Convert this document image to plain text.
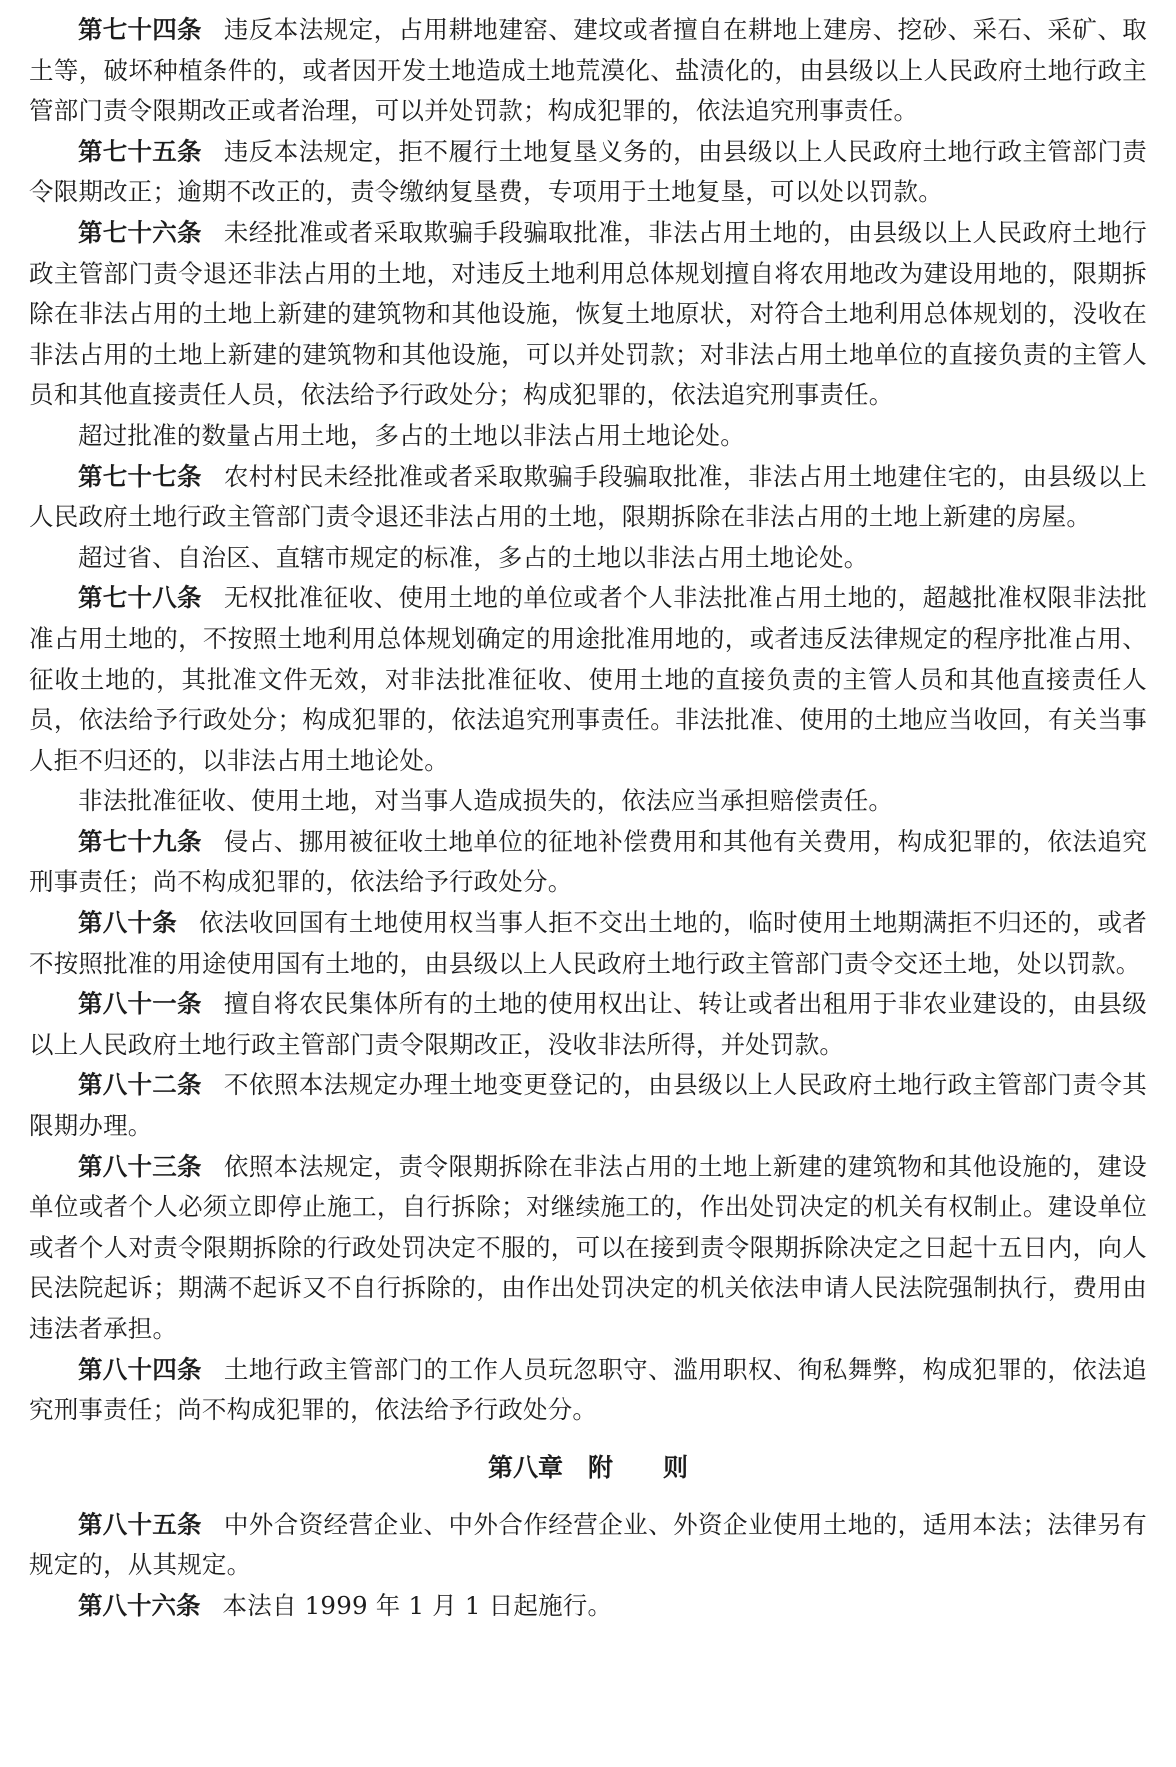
第七十四条 违反本法规定，占用耕地建窑、建坟或者擅自在耕地上建房、挖砂、采石、采矿、取土等，破坏种植条件的，或者因开发土地造成土地荒漠化、盐渍化的，由县级以上人民政府土地行政主管部门责令限期改正或者治理，可以并处罚款；构成犯罪的，依法追究刑事责任。

第七十五条 违反本法规定，拒不履行土地复垦义务的，由县级以上人民政府土地行政主管部门责令限期改正；逾期不改正的，责令缴纳复垦费，专项用于土地复垦，可以处以罚款。

第七十六条 未经批准或者采取欺骗手段骗取批准，非法占用土地的，由县级以上人民政府土地行政主管部门责令退还非法占用的土地，对违反土地利用总体规划擅自将农用地改为建设用地的，限期拆除在非法占用的土地上新建的建筑物和其他设施，恢复土地原状，对符合土地利用总体规划的，没收在非法占用的土地上新建的建筑物和其他设施，可以并处罚款；对非法占用土地单位的直接负责的主管人员和其他直接责任人员，依法给予行政处分；构成犯罪的，依法追究刑事责任。

超过批准的数量占用土地，多占的土地以非法占用土地论处。

第七十七条 农村村民未经批准或者采取欺骗手段骗取批准，非法占用土地建住宅的，由县级以上人民政府土地行政主管部门责令退还非法占用的土地，限期拆除在非法占用的土地上新建的房屋。

超过省、自治区、直辖市规定的标准，多占的土地以非法占用土地论处。

第七十八条 无权批准征收、使用土地的单位或者个人非法批准占用土地的，超越批准权限非法批准占用土地的，不按照土地利用总体规划确定的用途批准用地的，或者违反法律规定的程序批准占用、征收土地的，其批准文件无效，对非法批准征收、使用土地的直接负责的主管人员和其他直接责任人员，依法给予行政处分；构成犯罪的，依法追究刑事责任。非法批准、使用的土地应当收回，有关当事人拒不归还的，以非法占用土地论处。

非法批准征收、使用土地，对当事人造成损失的，依法应当承担赔偿责任。

第七十九条 侵占、挪用被征收土地单位的征地补偿费用和其他有关费用，构成犯罪的，依法追究刑事责任；尚不构成犯罪的，依法给予行政处分。

第八十条 依法收回国有土地使用权当事人拒不交出土地的，临时使用土地期满拒不归还的，或者不按照批准的用途使用国有土地的，由县级以上人民政府土地行政主管部门责令交还土地，处以罚款。

第八十一条 擅自将农民集体所有的土地的使用权出让、转让或者出租用于非农业建设的，由县级以上人民政府土地行政主管部门责令限期改正，没收非法所得，并处罚款。

第八十二条 不依照本法规定办理土地变更登记的，由县级以上人民政府土地行政主管部门责令其限期办理。

第八十三条 依照本法规定，责令限期拆除在非法占用的土地上新建的建筑物和其他设施的，建设单位或者个人必须立即停止施工，自行拆除；对继续施工的，作出处罚决定的机关有权制止。建设单位或者个人对责令限期拆除的行政处罚决定不服的，可以在接到责令限期拆除决定之日起十五日内，向人民法院起诉；期满不起诉又不自行拆除的，由作出处罚决定的机关依法申请人民法院强制执行，费用由违法者承担。

第八十四条 土地行政主管部门的工作人员玩忽职守、滥用职权、徇私舞弊，构成犯罪的，依法追究刑事责任；尚不构成犯罪的，依法给予行政处分。

第八章　附　　则

第八十五条 中外合资经营企业、中外合作经营企业、外资企业使用土地的，适用本法；法律另有规定的，从其规定。

第八十六条 本法自 1999 年 1 月 1 日起施行。
